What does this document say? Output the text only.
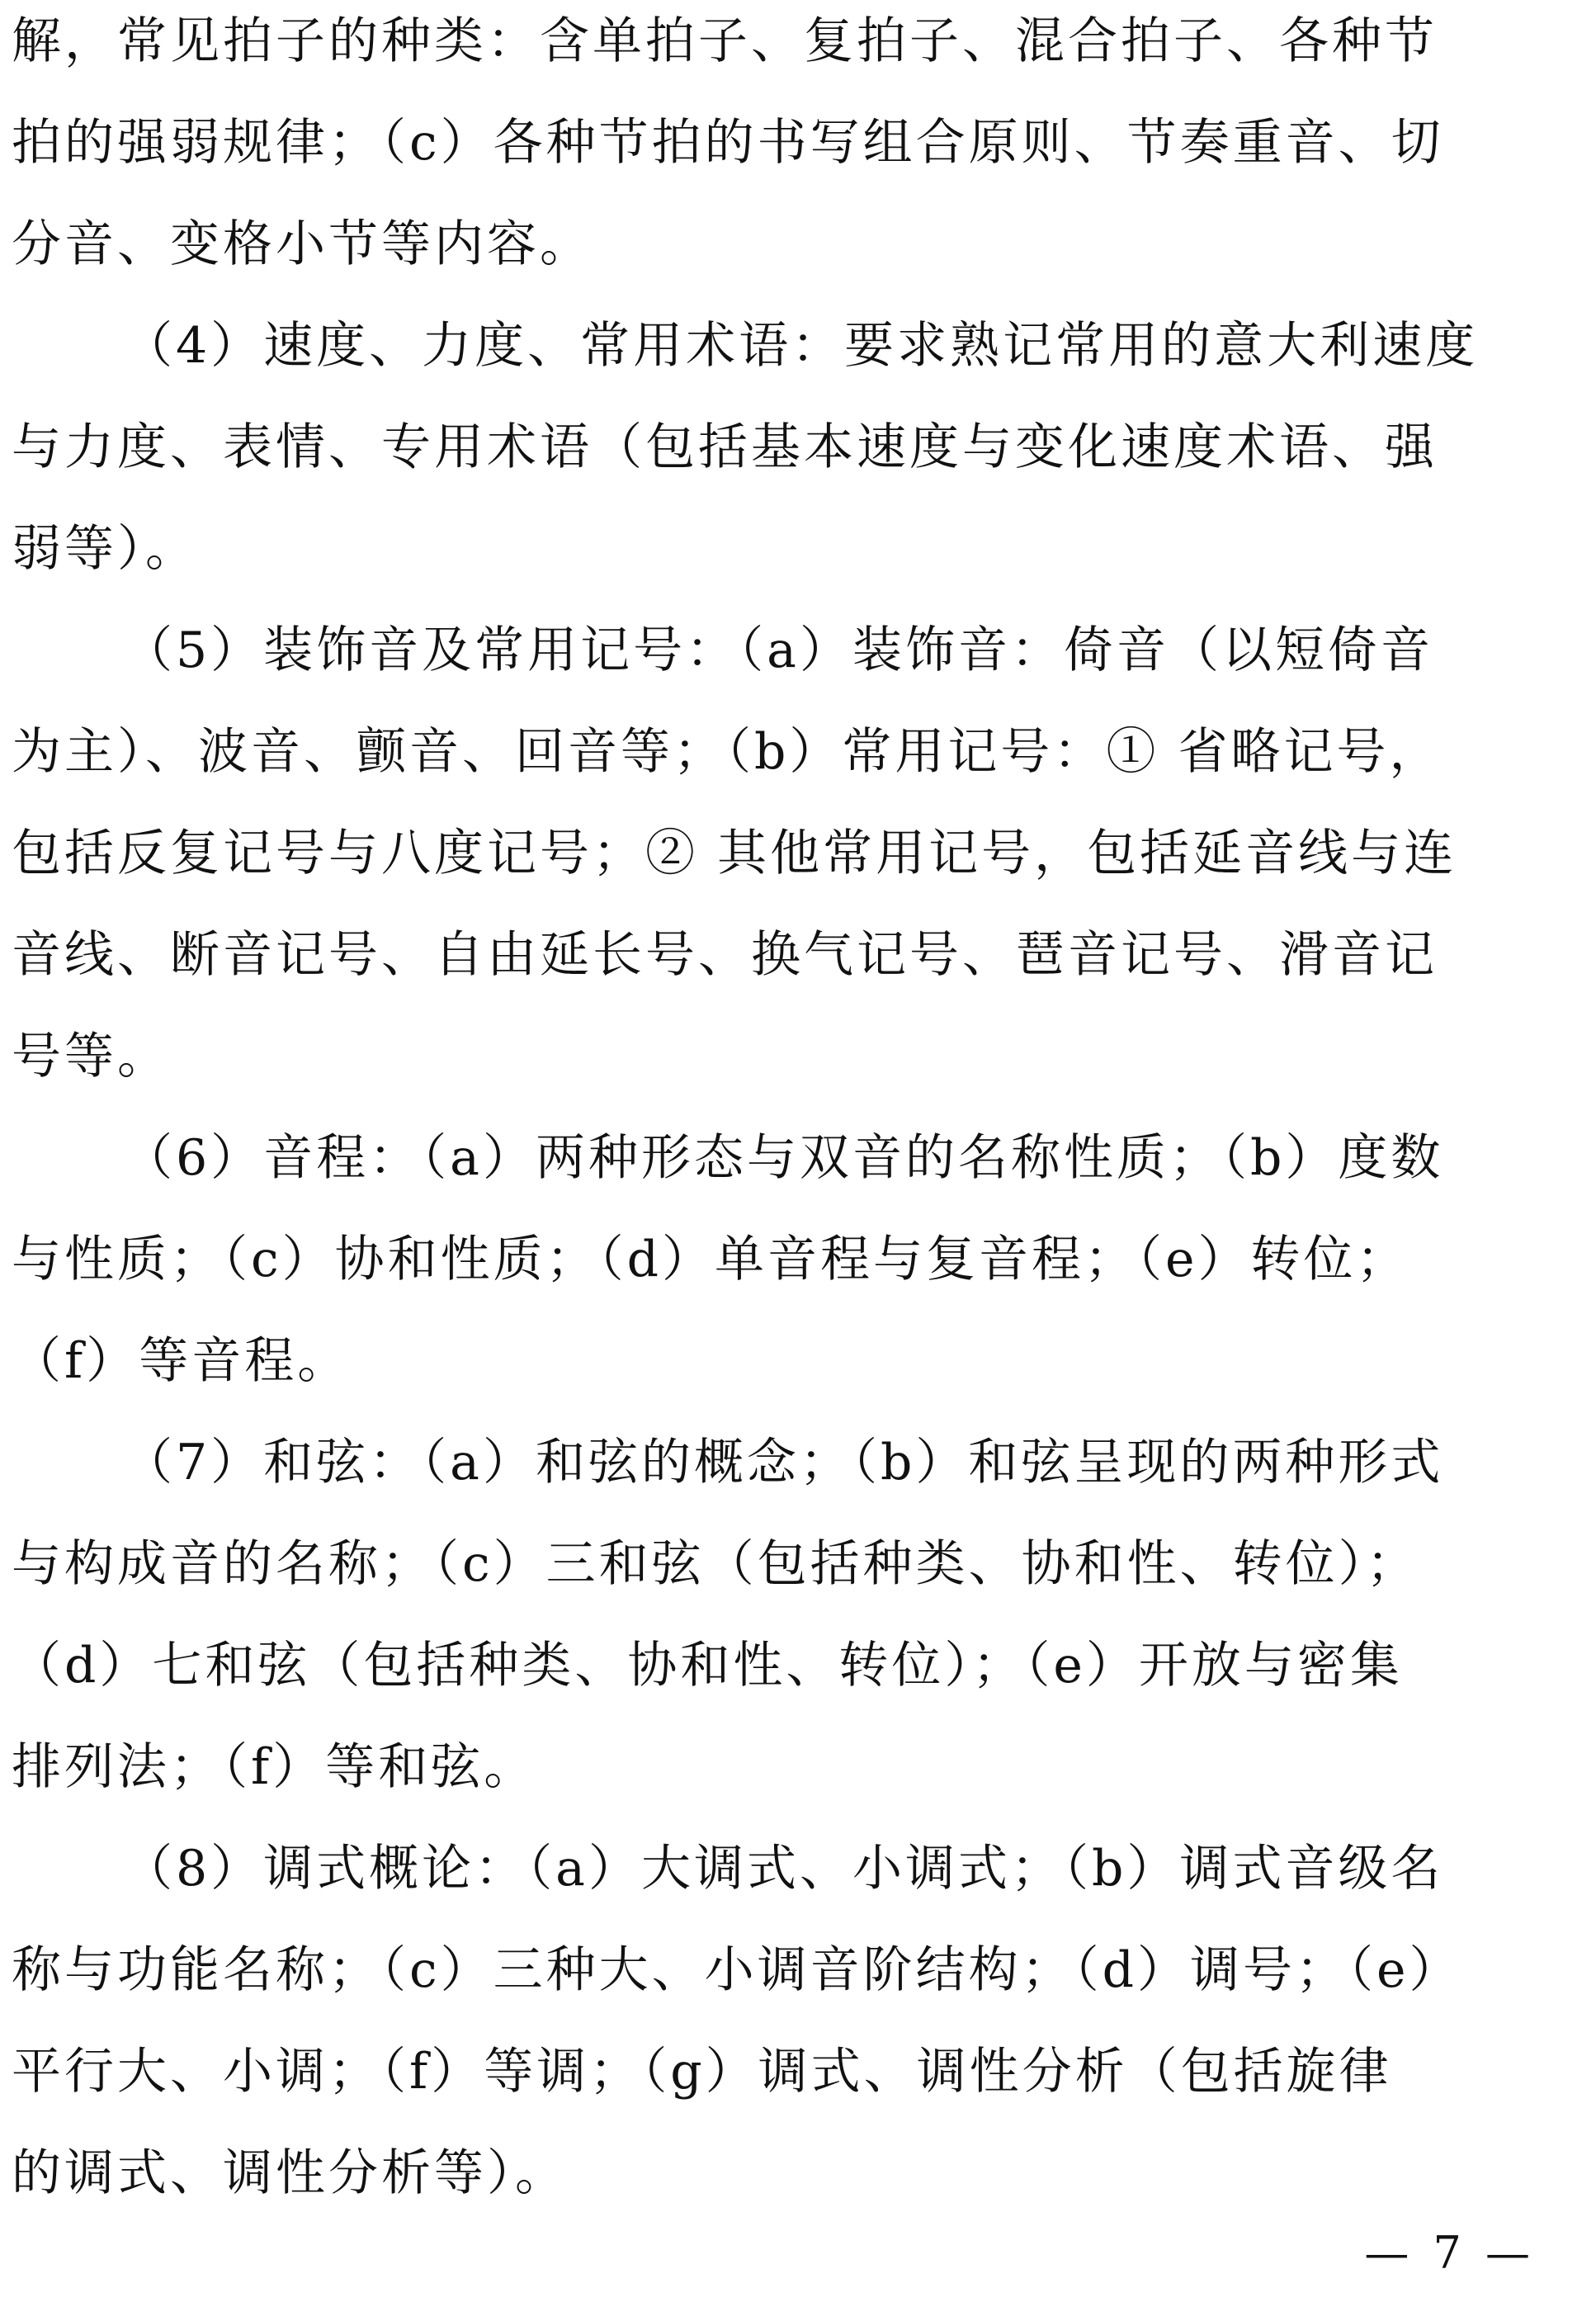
解，常见拍子的种类：含单拍子、复拍子、混合拍子、各种节
拍的强弱规律；（c）各种节拍的书写组合原则、节奏重音、切
分音、变格小节等内容。
（4）速度、力度、常用术语：要求熟记常用的意大利速度
与力度、表情、专用术语（包括基本速度与变化速度术语、强
弱等）。
（5）装饰音及常用记号：（a）装饰音：倚音（以短倚音
为主）、波音、颤音、回音等；（b）常用记号：① 省略记号，
包括反复记号与八度记号；② 其他常用记号，包括延音线与连
音线、断音记号、自由延长号、换气记号、琶音记号、滑音记
号等。
（6）音程：（a）两种形态与双音的名称性质；（b）度数
与性质；（c）协和性质；（d）单音程与复音程；（e）转位；
（f）等音程。
（7）和弦：（a）和弦的概念；（b）和弦呈现的两种形式
与构成音的名称；（c）三和弦（包括种类、协和性、转位）；
（d）七和弦（包括种类、协和性、转位）；（e）开放与密集
排列法；（f）等和弦。
（8）调式概论：（a）大调式、小调式；（b）调式音级名
称与功能名称；（c）三种大、小调音阶结构；（d）调号；（e）
平行大、小调；（f）等调；（g）调式、调性分析（包括旋律
的调式、调性分析等）。
— 7 —
